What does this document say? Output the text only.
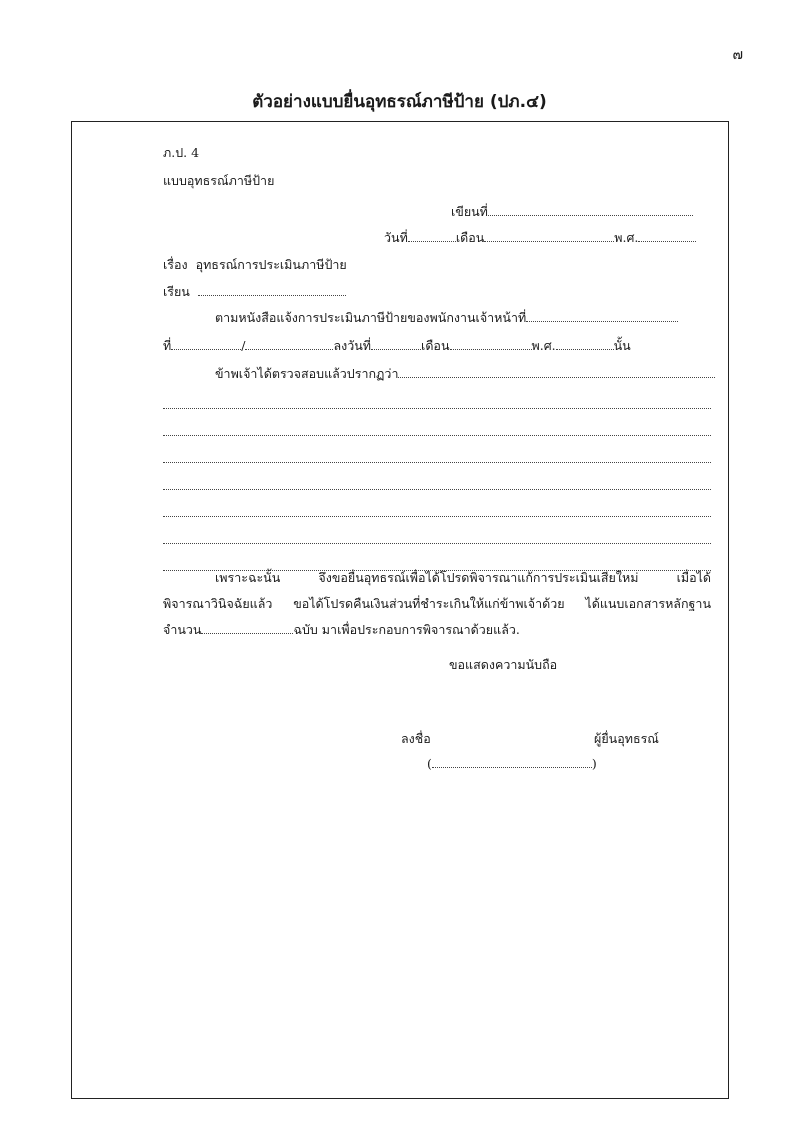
๗
ตัวอย่างแบบยื่นอุทธรณ์ภาษีป้าย (ปภ.๔)
ภ.ป. 4
แบบอุทธรณ์ภาษีป้าย
เขียนที่
วันที่	เดือน	พ.ศ.
เรื่อง อุทธรณ์การประเมินภาษีป้าย
เรียน
ตามหนังสือแจ้งการประเมินภาษีป้ายของพนักงานเจ้าหน้าที่
ที่	/	ลงวันที่	เดือน	พ.ศ.	นั้น
ข้าพเจ้าได้ตรวจสอบแล้วปรากฏว่า
เพราะฉะนั้น จึงขอยื่นอุทธรณ์เพื่อได้โปรดพิจารณาแก้การประเมินเสียใหม่ เมื่อได้
พิจารณาวินิจฉัยแล้ว ขอได้โปรดคืนเงินส่วนที่ชำระเกินให้แก่ข้าพเจ้าด้วย ได้แนบเอกสารหลักฐาน
จำนวน	ฉบับ มาเพื่อประกอบการพิจารณาด้วยแล้ว.
ขอแสดงความนับถือ
ลงชื่อ	ผู้ยื่นอุทธรณ์
(	)
